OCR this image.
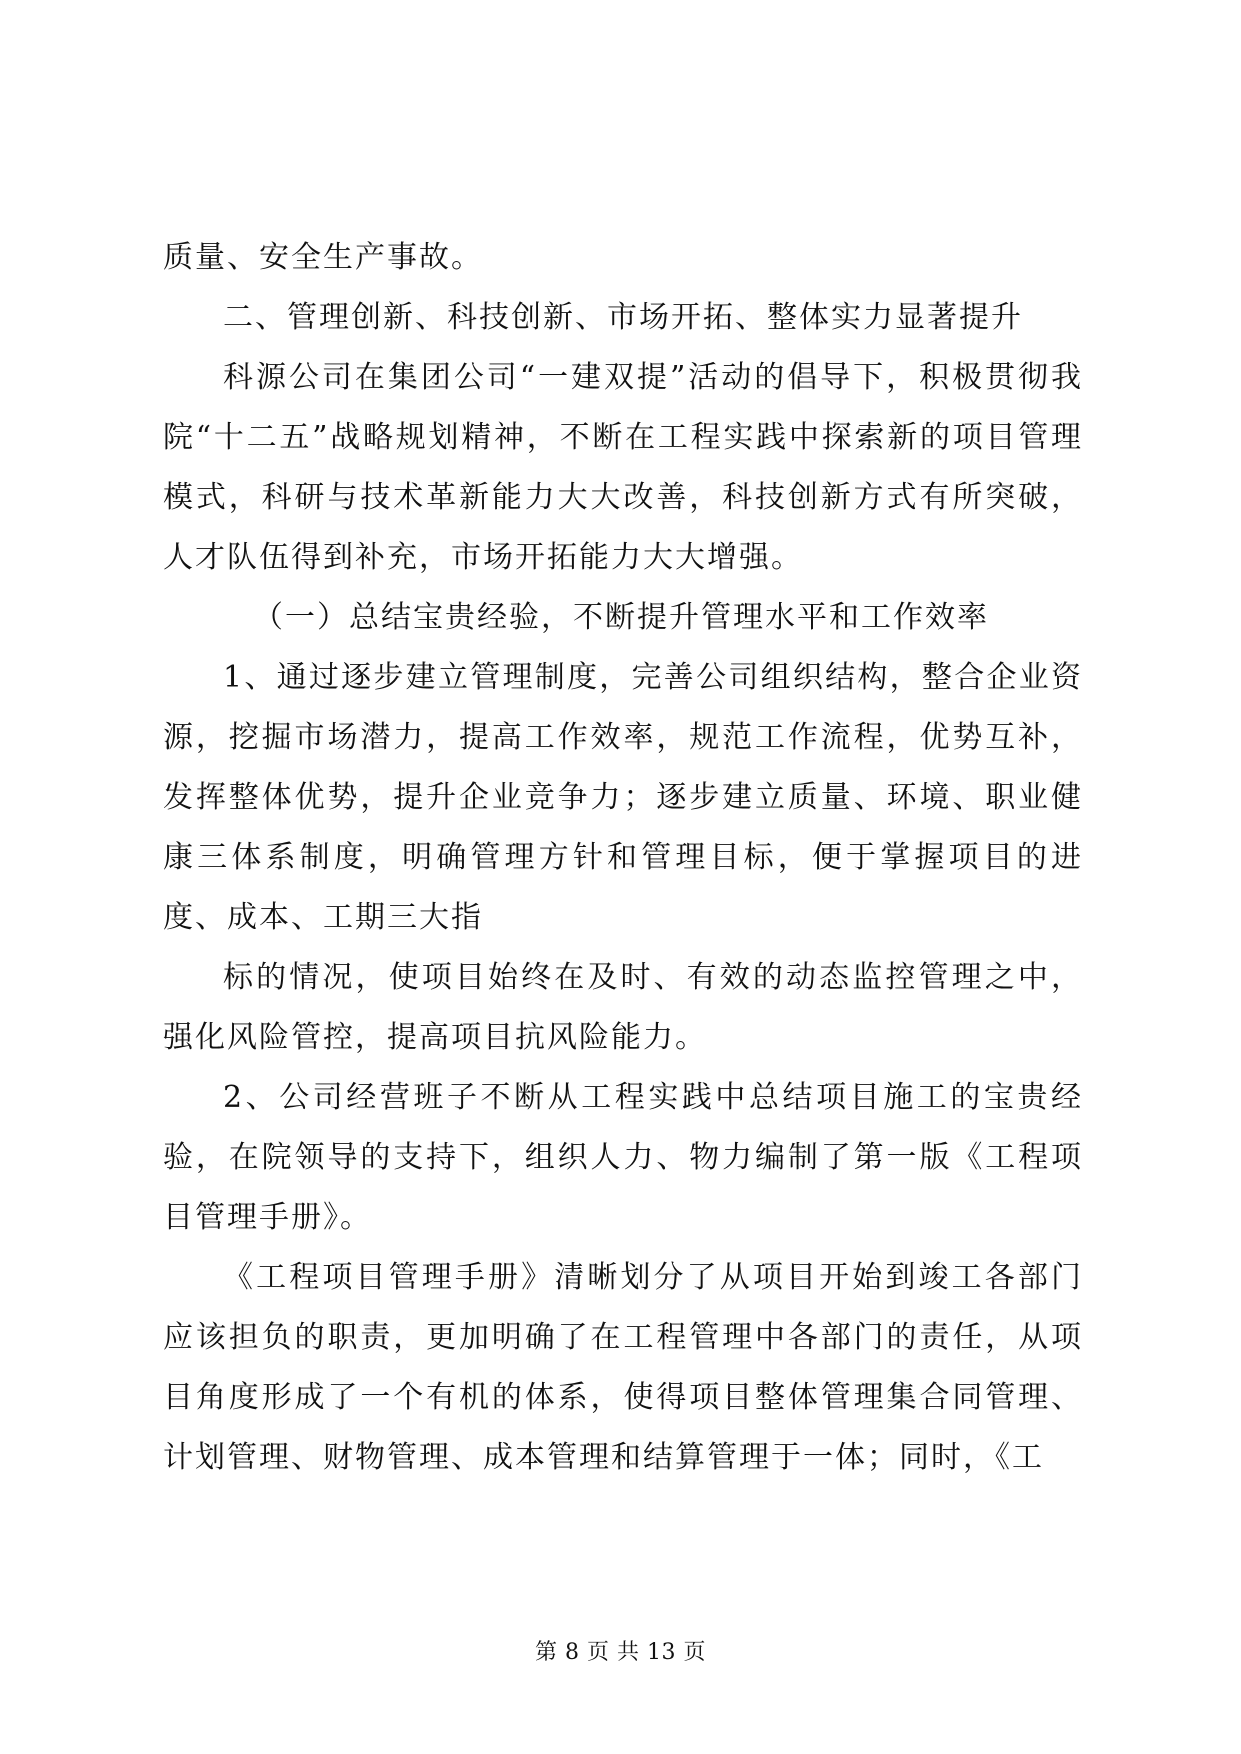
质量、安全生产事故。

二、管理创新、科技创新、市场开拓、整体实力显著提升

科源公司在集团公司“一建双提”活动的倡导下，积极贯彻我院“十二五”战略规划精神，不断在工程实践中探索新的项目管理模式，科研与技术革新能力大大改善，科技创新方式有所突破，人才队伍得到补充，市场开拓能力大大增强。

（一）总结宝贵经验，不断提升管理水平和工作效率

1、通过逐步建立管理制度，完善公司组织结构，整合企业资源，挖掘市场潜力，提高工作效率，规范工作流程，优势互补，发挥整体优势，提升企业竞争力；逐步建立质量、环境、职业健康三体系制度，明确管理方针和管理目标，便于掌握项目的进度、成本、工期三大指

标的情况，使项目始终在及时、有效的动态监控管理之中，强化风险管控，提高项目抗风险能力。

2、公司经营班子不断从工程实践中总结项目施工的宝贵经验，在院领导的支持下，组织人力、物力编制了第一版《工程项目管理手册》。

《工程项目管理手册》清晰划分了从项目开始到竣工各部门应该担负的职责，更加明确了在工程管理中各部门的责任，从项目角度形成了一个有机的体系，使得项目整体管理集合同管理、计划管理、财物管理、成本管理和结算管理于一体；同时，《工

第 8 页 共 13 页
